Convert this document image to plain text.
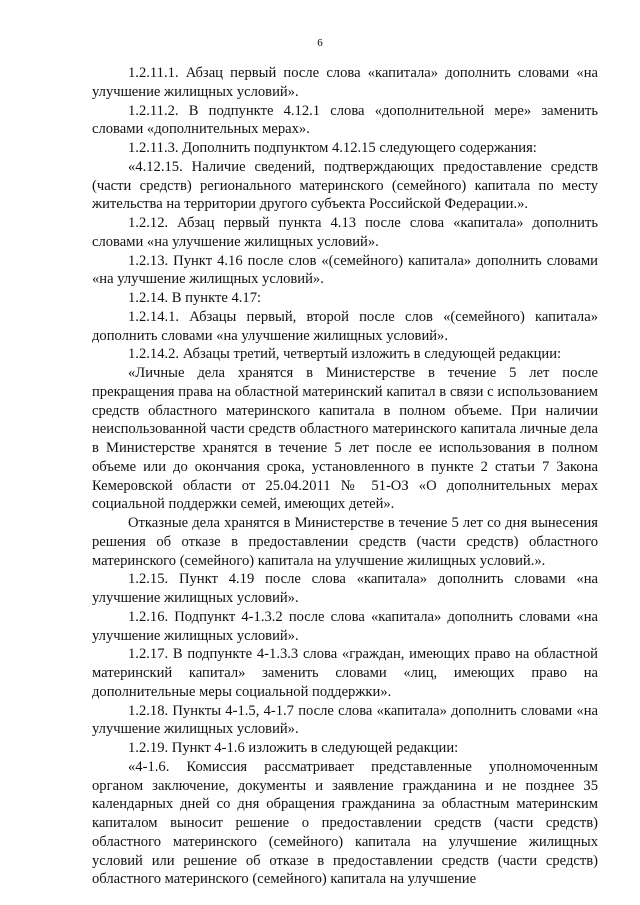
6

1.2.11.1. Абзац первый после слова «капитала» дополнить словами «на улучшение жилищных условий».

1.2.11.2. В подпункте 4.12.1 слова «дополнительной мере» заменить словами «дополнительных мерах».

1.2.11.3. Дополнить подпунктом 4.12.15 следующего содержания:

«4.12.15. Наличие сведений, подтверждающих предоставление средств (части средств) регионального материнского (семейного) капитала по месту жительства на территории другого субъекта Российской Федерации.».

1.2.12. Абзац первый пункта 4.13 после слова «капитала» дополнить словами «на улучшение жилищных условий».

1.2.13. Пункт 4.16 после слов «(семейного) капитала» дополнить словами «на улучшение жилищных условий».

1.2.14. В пункте 4.17:

1.2.14.1. Абзацы первый, второй после слов «(семейного) капитала» дополнить словами «на улучшение жилищных условий».

1.2.14.2. Абзацы третий, четвертый изложить в следующей редакции:

«Личные дела хранятся в Министерстве в течение 5 лет после прекращения права на областной материнский капитал в связи с использованием средств областного материнского капитала в полном объеме. При наличии неиспользованной части средств областного материнского капитала личные дела в Министерстве хранятся в течение 5 лет после ее использования в полном объеме или до окончания срока, установленного в пункте 2 статьи 7 Закона Кемеровской области от 25.04.2011 № 51-ОЗ «О дополнительных мерах социальной поддержки семей, имеющих детей».

Отказные дела хранятся в Министерстве в течение 5 лет со дня вынесения решения об отказе в предоставлении средств (части средств) областного материнского (семейного) капитала на улучшение жилищных условий.».

1.2.15. Пункт 4.19 после слова «капитала» дополнить словами «на улучшение жилищных условий».

1.2.16. Подпункт 4-1.3.2 после слова «капитала» дополнить словами «на улучшение жилищных условий».

1.2.17. В подпункте 4-1.3.3 слова «граждан, имеющих право на областной материнский капитал» заменить словами «лиц, имеющих право на дополнительные меры социальной поддержки».

1.2.18. Пункты 4-1.5, 4-1.7 после слова «капитала» дополнить словами «на улучшение жилищных условий».

1.2.19. Пункт 4-1.6 изложить в следующей редакции:

«4-1.6. Комиссия рассматривает представленные уполномоченным органом заключение, документы и заявление гражданина и не позднее 35 календарных дней со дня обращения гражданина за областным материнским капиталом выносит решение о предоставлении средств (части средств) областного материнского (семейного) капитала на улучшение жилищных условий или решение об отказе в предоставлении средств (части средств) областного материнского (семейного) капитала на улучшение
